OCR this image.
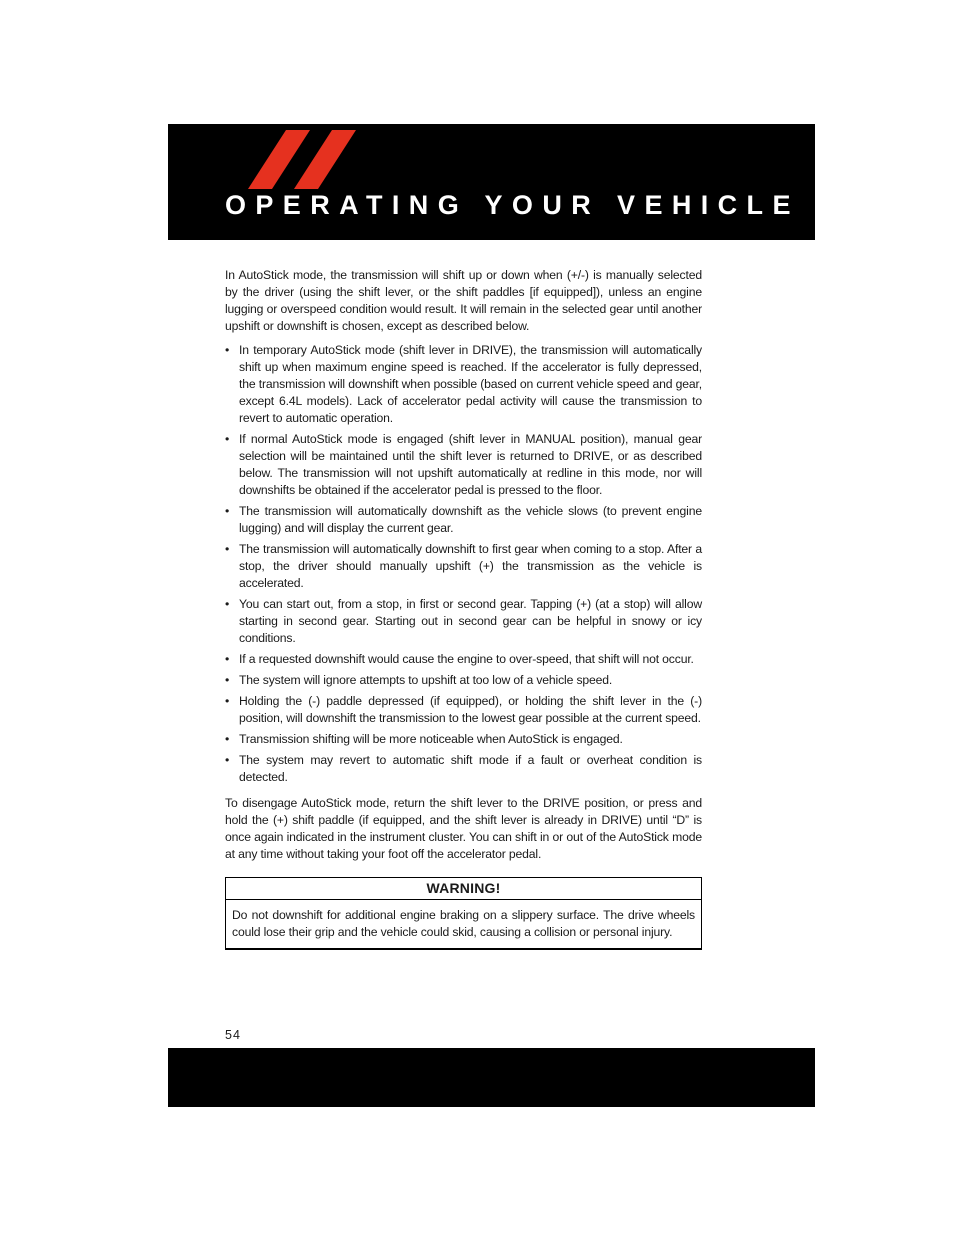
OPERATING YOUR VEHICLE

In AutoStick mode, the transmission will shift up or down when (+/-) is manually selected by the driver (using the shift lever, or the shift paddles [if equipped]), unless an engine lugging or overspeed condition would result. It will remain in the selected gear until another upshift or downshift is chosen, except as described below.

• In temporary AutoStick mode (shift lever in DRIVE), the transmission will automatically shift up when maximum engine speed is reached. If the accelerator is fully depressed, the transmission will downshift when possible (based on current vehicle speed and gear, except 6.4L models). Lack of accelerator pedal activity will cause the transmission to revert to automatic operation.
• If normal AutoStick mode is engaged (shift lever in MANUAL position), manual gear selection will be maintained until the shift lever is returned to DRIVE, or as described below. The transmission will not upshift automatically at redline in this mode, nor will downshifts be obtained if the accelerator pedal is pressed to the floor.
• The transmission will automatically downshift as the vehicle slows (to prevent engine lugging) and will display the current gear.
• The transmission will automatically downshift to first gear when coming to a stop. After a stop, the driver should manually upshift (+) the transmission as the vehicle is accelerated.
• You can start out, from a stop, in first or second gear. Tapping (+) (at a stop) will allow starting in second gear. Starting out in second gear can be helpful in snowy or icy conditions.
• If a requested downshift would cause the engine to over-speed, that shift will not occur.
• The system will ignore attempts to upshift at too low of a vehicle speed.
• Holding the (-) paddle depressed (if equipped), or holding the shift lever in the (-) position, will downshift the transmission to the lowest gear possible at the current speed.
• Transmission shifting will be more noticeable when AutoStick is engaged.
• The system may revert to automatic shift mode if a fault or overheat condition is detected.

To disengage AutoStick mode, return the shift lever to the DRIVE position, or press and hold the (+) shift paddle (if equipped, and the shift lever is already in DRIVE) until “D” is once again indicated in the instrument cluster. You can shift in or out of the AutoStick mode at any time without taking your foot off the accelerator pedal.

WARNING!
Do not downshift for additional engine braking on a slippery surface. The drive wheels could lose their grip and the vehicle could skid, causing a collision or personal injury.
54
